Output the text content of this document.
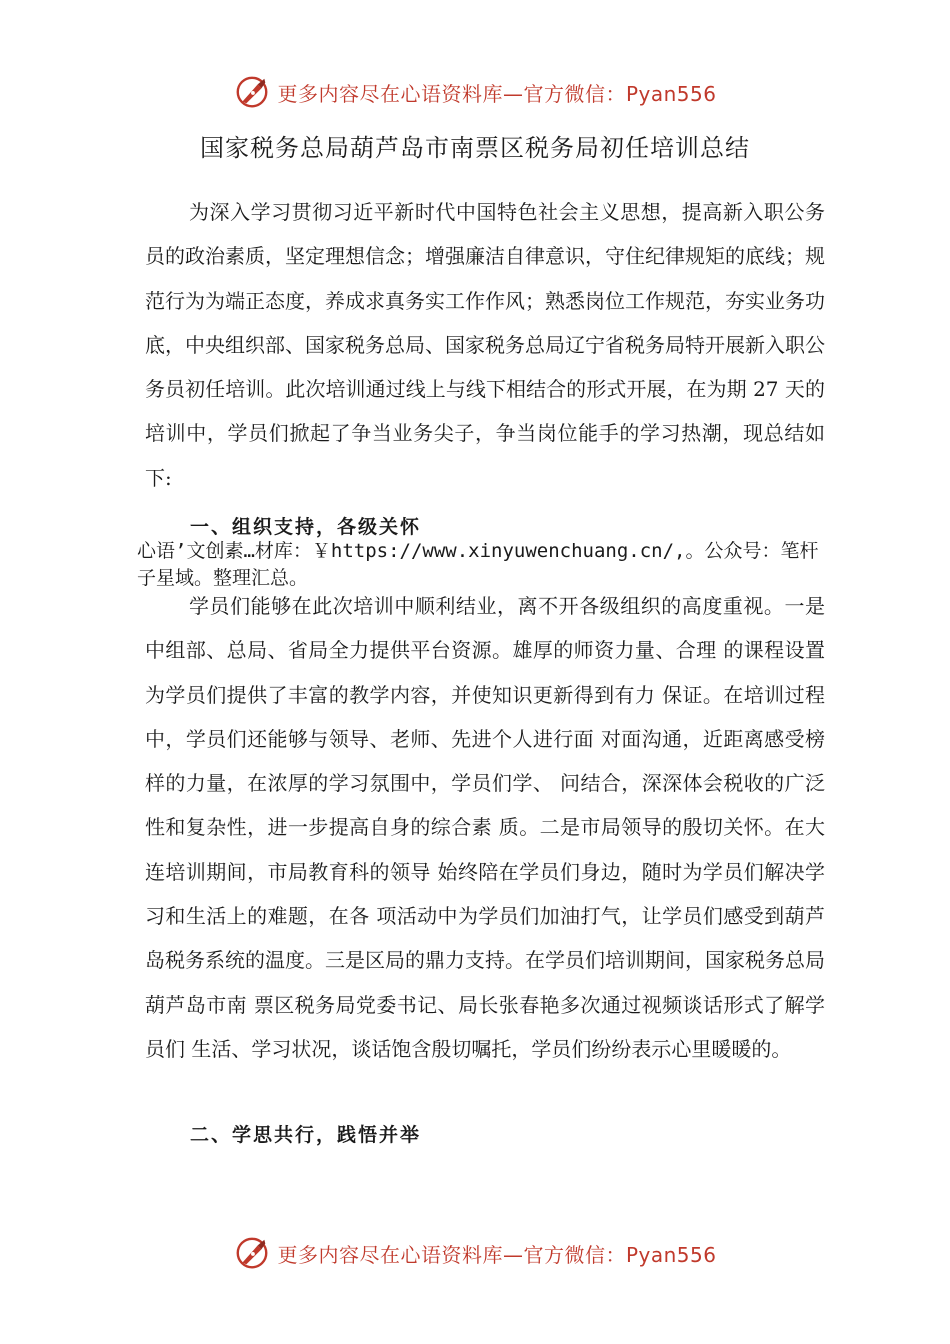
更多内容尽在心语资料库—官方微信：Pyan556
国家税务总局葫芦岛市南票区税务局初任培训总结

为深入学习贯彻习近平新时代中国特色社会主义思想，提高新入职公务员的政治素质，坚定理想信念；增强廉洁自律意识，守住纪律规矩的底线；规范行为为端正态度，养成求真务实工作作风；熟悉岗位工作规范，夯实业务功底，中央组织部、国家税务总局、国家税务总局辽宁省税务局特开展新入职公务员初任培训。此次培训通过线上与线下相结合的形式开展，在为期 27 天的培训中，学员们掀起了争当业务尖子，争当岗位能手的学习热潮，现总结如下:

一、组织支持，各级关怀

心语’文创素…材库：￥https://www.xinyuwenchuang.cn/,。公众号：笔杆子星域。整理汇总。

学员们能够在此次培训中顺利结业，离不开各级组织的高度重视。一是中组部、总局、省局全力提供平台资源。雄厚的师资力量、合理 的课程设置为学员们提供了丰富的教学内容，并使知识更新得到有力 保证。在培训过程中，学员们还能够与领导、老师、先进个人进行面 对面沟通，近距离感受榜样的力量，在浓厚的学习氛围中，学员们学、 问结合，深深体会税收的广泛性和复杂性，进一步提高自身的综合素 质。二是市局领导的殷切关怀。在大连培训期间，市局教育科的领导 始终陪在学员们身边，随时为学员们解决学习和生活上的难题，在各 项活动中为学员们加油打气，让学员们感受到葫芦岛税务系统的温度。三是区局的鼎力支持。在学员们培训期间，国家税务总局葫芦岛市南 票区税务局党委书记、局长张春艳多次通过视频谈话形式了解学员们 生活、学习状况，谈话饱含殷切嘱托，学员们纷纷表示心里暖暖的。

二、学思共行，践悟并举
更多内容尽在心语资料库—官方微信：Pyan556
